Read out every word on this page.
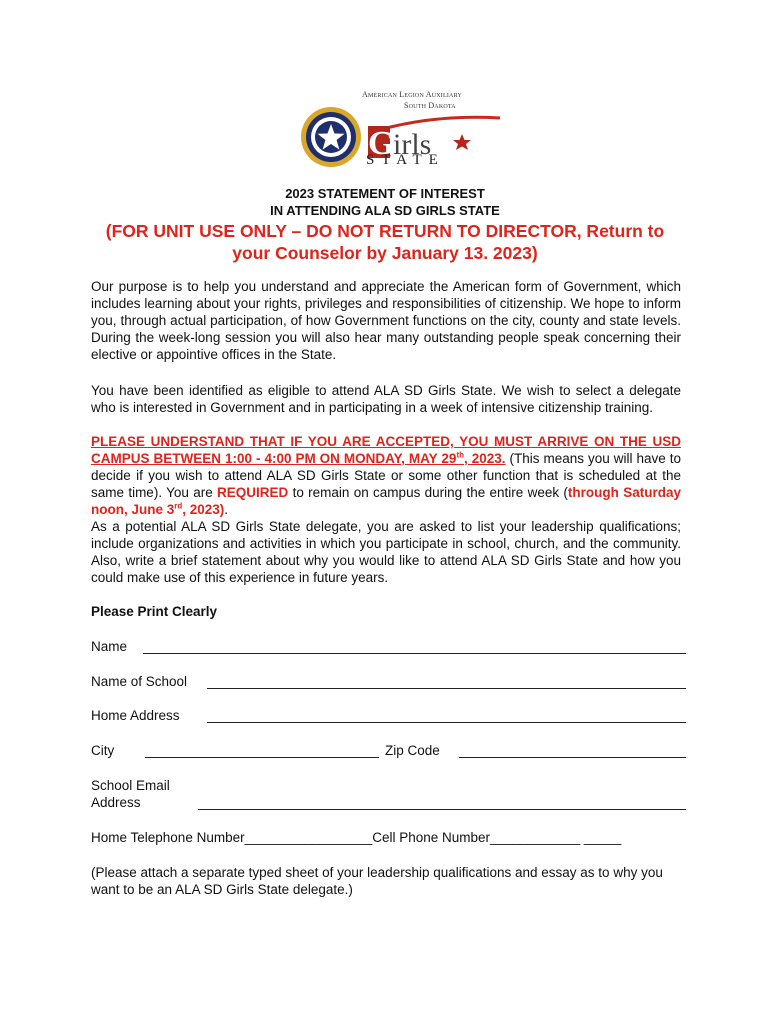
American Legion Auxiliary
South Dakota
G
irls
STATE
2023 STATEMENT OF INTEREST
IN ATTENDING ALA SD GIRLS STATE
(FOR UNIT USE ONLY – DO NOT RETURN TO DIRECTOR, Return to
your Counselor by January 13. 2023)

Our purpose is to help you understand and appreciate the American form of Government, which includes learning about your rights, privileges and responsibilities of citizenship. We hope to inform you, through actual participation, of how Government functions on the city, county and state levels. During the week-long session you will also hear many outstanding people speak concerning their elective or appointive offices in the State.

You have been identified as eligible to attend ALA SD Girls State. We wish to select a delegate who is interested in Government and in participating in a week of intensive citizenship training.

PLEASE UNDERSTAND THAT IF YOU ARE ACCEPTED, YOU MUST ARRIVE ON THE USD CAMPUS BETWEEN 1:00 - 4:00 PM ON MONDAY, MAY 29th, 2023. (This means you will have to decide if you wish to attend ALA SD Girls State or some other function that is scheduled at the same time). You are REQUIRED to remain on campus during the entire week (through Saturday noon, June 3rd, 2023).

As a potential ALA SD Girls State delegate, you are asked to list your leadership qualifications; include organizations and activities in which you participate in school, church, and the community. Also, write a brief statement about why you would like to attend ALA SD Girls State and how you could make use of this experience in future years.

Please Print Clearly
Name
Name of School
Home Address
City	Zip Code
School Email
Address
Home Telephone Number_________________Cell Phone Number____________ _____

(Please attach a separate typed sheet of your leadership qualifications and essay as to why you want to be an ALA SD Girls State delegate.)
